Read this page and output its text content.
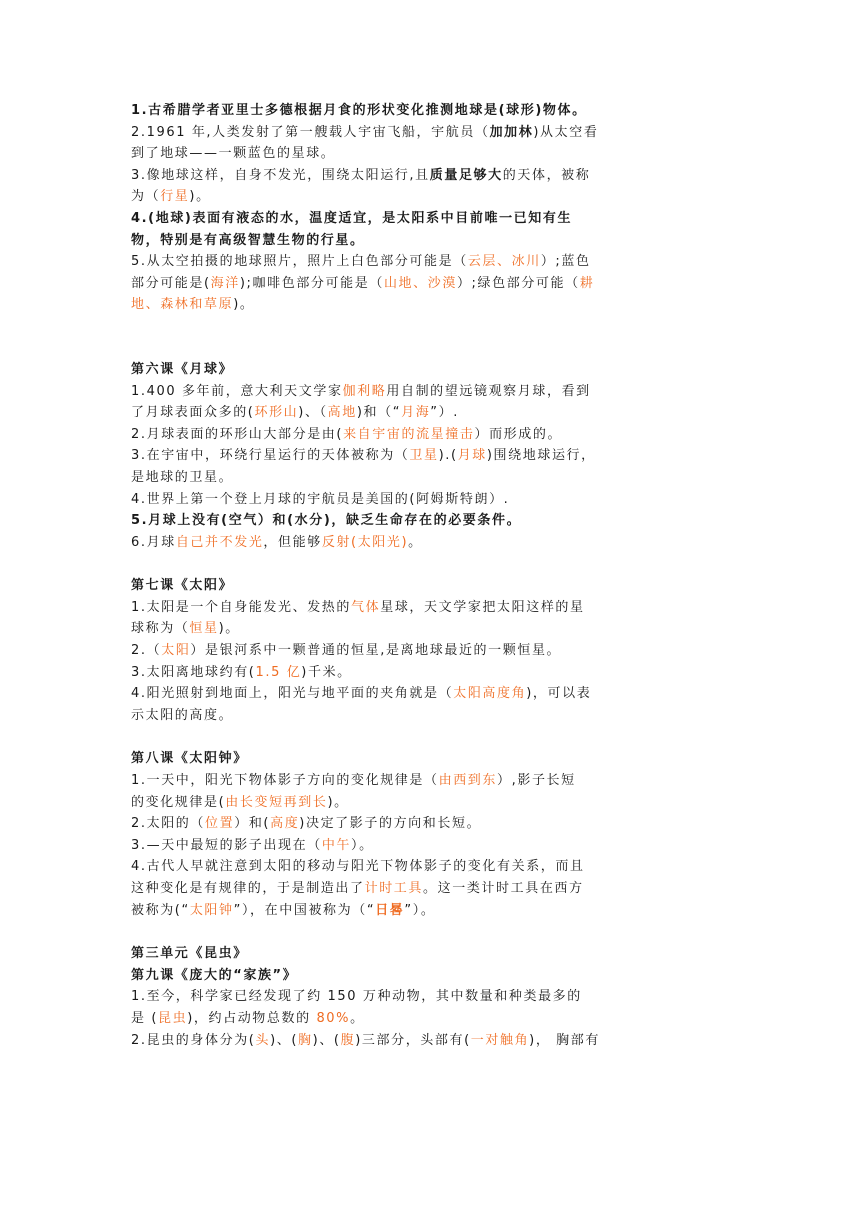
1.古希腊学者亚里士多德根据月食的形状变化推测地球是(球形)物体。
2.1961 年,人类发射了第一艘载人宇宙飞船，宇航员（加加林)从太空看
到了地球——一颗蓝色的星球。
3.像地球这样，自身不发光，围绕太阳运行,且质量足够大的天体，被称
为（行星)。
4.(地球)表面有液态的水，温度适宜，是太阳系中目前唯一已知有生
物，特别是有高级智慧生物的行星。
5.从太空拍摄的地球照片，照片上白色部分可能是（云层、冰川）;蓝色
部分可能是(海洋);咖啡色部分可能是（山地、沙漠）;绿色部分可能（耕
地、森林和草原)。
第六课《月球》
1.400 多年前，意大利天文学家伽利略用自制的望远镜观察月球，看到
了月球表面众多的(环形山)、（高地)和（“月海”）.
2.月球表面的环形山大部分是由(来自宇宙的流星撞击）而形成的。
3.在宇宙中，环绕行星运行的天体被称为（卫星).(月球)围绕地球运行，
是地球的卫星。
4.世界上第一个登上月球的宇航员是美国的(阿姆斯特朗）.
5.月球上没有(空气）和(水分)，缺乏生命存在的必要条件。
6.月球自己并不发光，但能够反射(太阳光)。
第七课《太阳》
1.太阳是一个自身能发光、发热的气体星球，天文学家把太阳这样的星
球称为（恒星)。
2.（太阳）是银河系中一颗普通的恒星,是离地球最近的一颗恒星。
3.太阳离地球约有(1.5 亿)千米。
4.阳光照射到地面上，阳光与地平面的夹角就是（太阳高度角)，可以表
示太阳的高度。
第八课《太阳钟》
1.一天中，阳光下物体影子方向的变化规律是（由西到东）,影子长短
的变化规律是(由长变短再到长)。
2.太阳的（位置）和(高度)决定了影子的方向和长短。
3.—天中最短的影子出现在（中午）。
4.古代人早就注意到太阳的移动与阳光下物体影子的变化有关系，而且
这种变化是有规律的，于是制造出了计时工具。这一类计时工具在西方
被称为(“太阳钟”），在中国被称为（“日晷”）。
第三单元《昆虫》
第九课《庞大的“家族”》
1.至今，科学家已经发现了约 150 万种动物，其中数量和种类最多的
是 (昆虫)，约占动物总数的 80%。
2.昆虫的身体分为(头)、(胸)、(腹)三部分，头部有(一对触角)， 胸部有
